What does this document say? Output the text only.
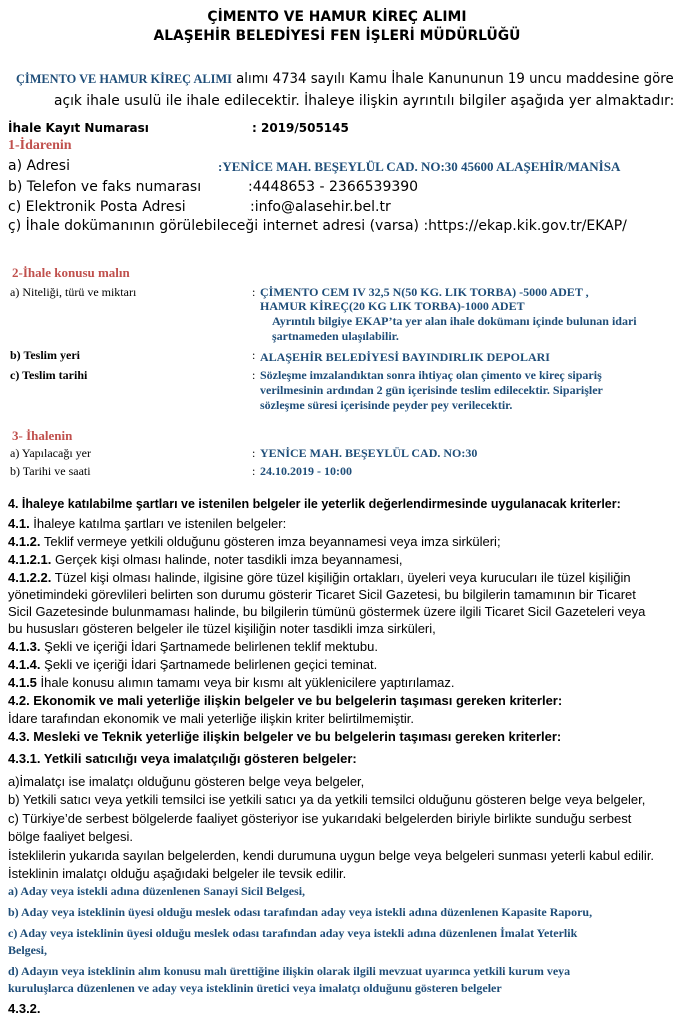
ÇİMENTO VE HAMUR KİREÇ ALIMI
ALAŞEHİR BELEDİYESİ FEN İŞLERİ MÜDÜRLÜĞÜ
ÇİMENTO VE HAMUR KİREÇ ALIMI alımı 4734 sayılı Kamu İhale Kanununun 19 uncu maddesine göre
açık ihale usulü ile ihale edilecektir. İhaleye ilişkin ayrıntılı bilgiler aşağıda yer almaktadır:
İhale Kayıt Numarası	: 2019/505145
1-İdarenin
a) Adresi	:YENİCE MAH. BEŞEYLÜL CAD. NO:30 45600 ALAŞEHİR/MANİSA
b) Telefon ve faks numarası	:4448653 - 2366539390
c) Elektronik Posta Adresi	:info@alasehir.bel.tr
ç) İhale dokümanının görülebileceği internet adresi (varsa) :https://ekap.kik.gov.tr/EKAP/
2-İhale konusu malın
a) Niteliği, türü ve miktarı	: ÇİMENTO CEM IV 32,5 N(50 KG. LIK TORBA) -5000 ADET ,
HAMUR KİREÇ(20 KG LIK TORBA)-1000 ADET
Ayrıntılı bilgiye EKAP’ta yer alan ihale dokümanı içinde bulunan idari
şartnameden ulaşılabilir.
b) Teslim yeri	: ALAŞEHİR BELEDİYESİ BAYINDIRLIK DEPOLARI
c) Teslim tarihi	: Sözleşme imzalandıktan sonra ihtiyaç olan çimento ve kireç sipariş
verilmesinin ardından 2 gün içerisinde teslim edilecektir. Siparişler
sözleşme süresi içerisinde peyder pey verilecektir.
3- İhalenin
a) Yapılacağı yer	: YENİCE MAH. BEŞEYLÜL CAD. NO:30
b) Tarihi ve saati	: 24.10.2019 - 10:00
4. İhaleye katılabilme şartları ve istenilen belgeler ile yeterlik değerlendirmesinde uygulanacak kriterler:
4.1. İhaleye katılma şartları ve istenilen belgeler:
4.1.2. Teklif vermeye yetkili olduğunu gösteren imza beyannamesi veya imza sirküleri;
4.1.2.1. Gerçek kişi olması halinde, noter tasdikli imza beyannamesi,
4.1.2.2. Tüzel kişi olması halinde, ilgisine göre tüzel kişiliğin ortakları, üyeleri veya kurucuları ile tüzel kişiliğin
yönetimindeki görevlileri belirten son durumu gösterir Ticaret Sicil Gazetesi, bu bilgilerin tamamının bir Ticaret
Sicil Gazetesinde bulunmaması halinde, bu bilgilerin tümünü göstermek üzere ilgili Ticaret Sicil Gazeteleri veya
bu hususları gösteren belgeler ile tüzel kişiliğin noter tasdikli imza sirküleri,
4.1.3. Şekli ve içeriği İdari Şartnamede belirlenen teklif mektubu.
4.1.4. Şekli ve içeriği İdari Şartnamede belirlenen geçici teminat.
4.1.5 İhale konusu alımın tamamı veya bir kısmı alt yüklenicilere yaptırılamaz.
4.2. Ekonomik ve mali yeterliğe ilişkin belgeler ve bu belgelerin taşıması gereken kriterler:
İdare tarafından ekonomik ve mali yeterliğe ilişkin kriter belirtilmemiştir.
4.3. Mesleki ve Teknik yeterliğe ilişkin belgeler ve bu belgelerin taşıması gereken kriterler:
4.3.1. Yetkili satıcılığı veya imalatçılığı gösteren belgeler:
a)İmalatçı ise imalatçı olduğunu gösteren belge veya belgeler,
b) Yetkili satıcı veya yetkili temsilci ise yetkili satıcı ya da yetkili temsilci olduğunu gösteren belge veya belgeler,
c) Türkiye’de serbest bölgelerde faaliyet gösteriyor ise yukarıdaki belgelerden biriyle birlikte sunduğu serbest
bölge faaliyet belgesi.
İsteklilerin yukarıda sayılan belgelerden, kendi durumuna uygun belge veya belgeleri sunması yeterli kabul edilir.
İsteklinin imalatçı olduğu aşağıdaki belgeler ile tevsik edilir.
a) Aday veya istekli adına düzenlenen Sanayi Sicil Belgesi,
b) Aday veya isteklinin üyesi olduğu meslek odası tarafından aday veya istekli adına düzenlenen Kapasite Raporu,
c) Aday veya isteklinin üyesi olduğu meslek odası tarafından aday veya istekli adına düzenlenen İmalat Yeterlik
Belgesi,
d) Adayın veya isteklinin alım konusu malı ürettiğine ilişkin olarak ilgili mevzuat uyarınca yetkili kurum veya
kuruluşlarca düzenlenen ve aday veya isteklinin üretici veya imalatçı olduğunu gösteren belgeler
4.3.2.
